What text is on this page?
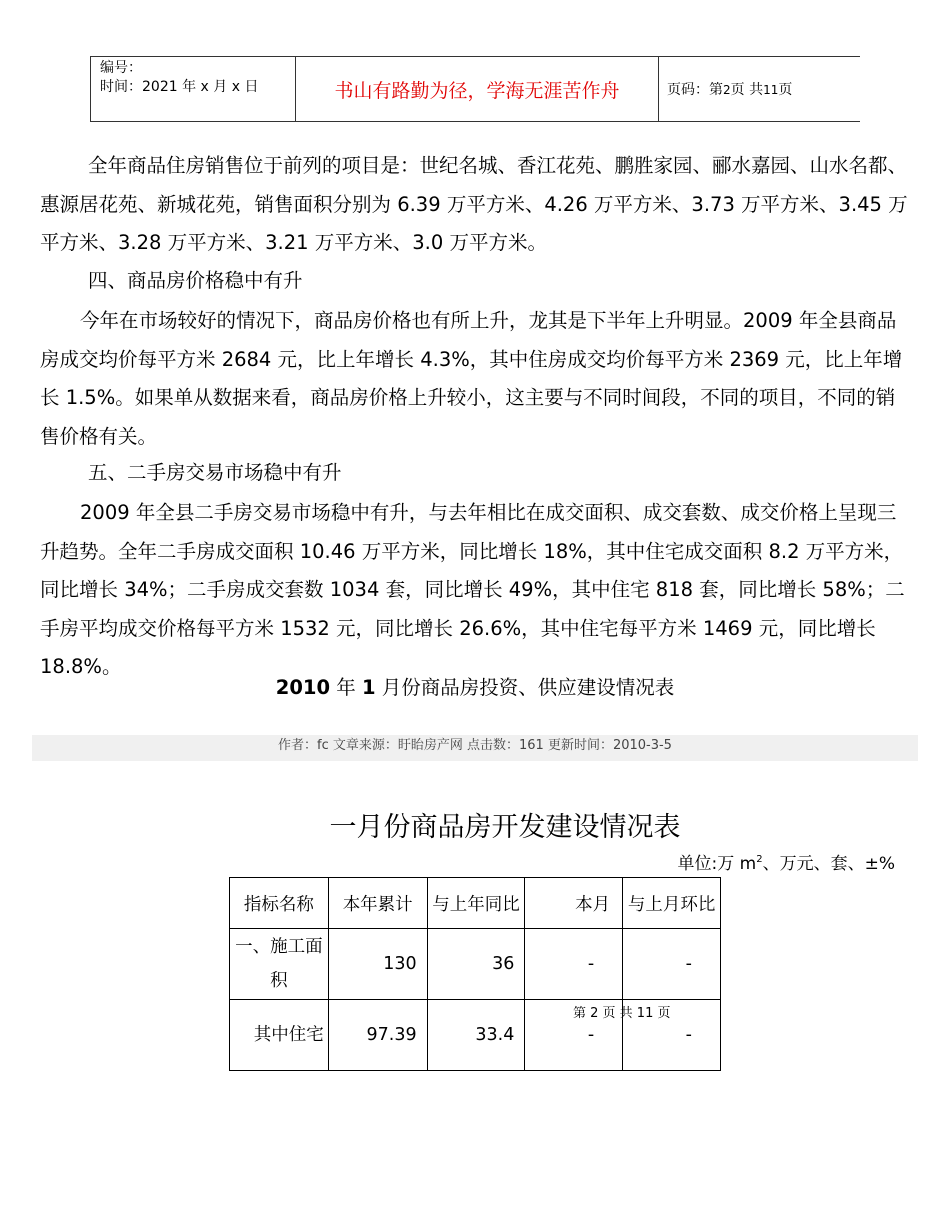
编号：
时间：2021 年 x 月 x 日	书山有路勤为径，学海无涯苦作舟	页码：第2页 共11页

全年商品住房销售位于前列的项目是：世纪名城、香江花苑、鹏胜家园、郦水嘉园、山水名都、惠源居花苑、新城花苑，销售面积分别为 6.39 万平方米、4.26 万平方米、3.73 万平方米、3.45 万平方米、3.28 万平方米、3.21 万平方米、3.0 万平方米。

四、商品房价格稳中有升

今年在市场较好的情况下，商品房价格也有所上升，龙其是下半年上升明显。2009 年全县商品房成交均价每平方米 2684 元，比上年增长 4.3%，其中住房成交均价每平方米 2369 元，比上年增长 1.5%。如果单从数据来看，商品房价格上升较小，这主要与不同时间段，不同的项目，不同的销售价格有关。

五、二手房交易市场稳中有升

2009 年全县二手房交易市场稳中有升，与去年相比在成交面积、成交套数、成交价格上呈现三升趋势。全年二手房成交面积 10.46 万平方米，同比增长 18%，其中住宅成交面积 8.2 万平方米，同比增长 34%；二手房成交套数 1034 套，同比增长 49%，其中住宅 818 套，同比增长 58%；二手房平均成交价格每平方米 1532 元，同比增长 26.6%，其中住宅每平方米 1469 元，同比增长 18.8%。

2010 年 1 月份商品房投资、供应建设情况表
作者：fc 文章来源：盱眙房产网 点击数：161 更新时间：2010-3-5
一月份商品房开发建设情况表
单位:万 $m^2$、万元、套、±%
指标名称	本年累计	与上年同比	本月	与上月环比
一、施工面积	130	36	-	-
其中住宅	97.39	33.4	-	-
第 2 页 共 11 页
